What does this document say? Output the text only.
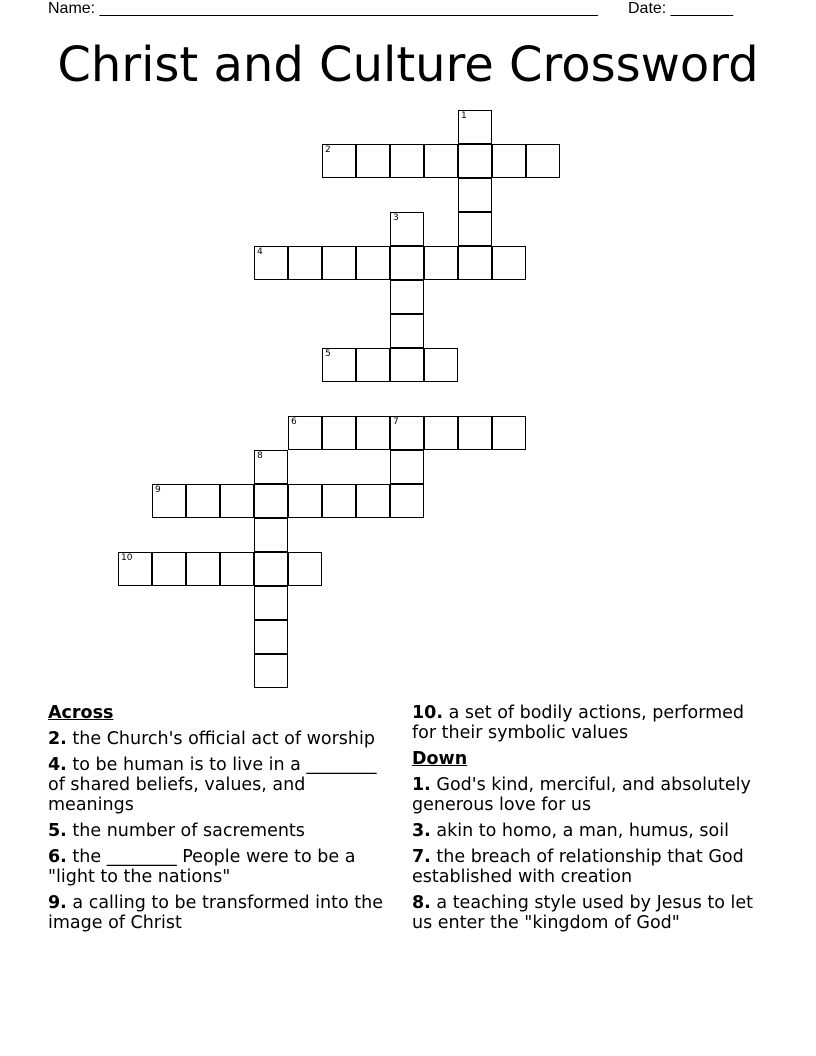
Name: ________________________________________________________ Date: _______
Christ and Culture Crossword
1
2
3
4
5
6	7
8
9
10
Across
2. the Church's official act of worship
4. to be human is to live in a ________ of shared beliefs, values, and meanings
5. the number of sacrements
6. the ________ People were to be a "light to the nations"
9. a calling to be transformed into the image of Christ
10. a set of bodily actions, performed for their symbolic values
Down
1. God's kind, merciful, and absolutely generous love for us
3. akin to homo, a man, humus, soil
7. the breach of relationship that God established with creation
8. a teaching style used by Jesus to let us enter the "kingdom of God"
